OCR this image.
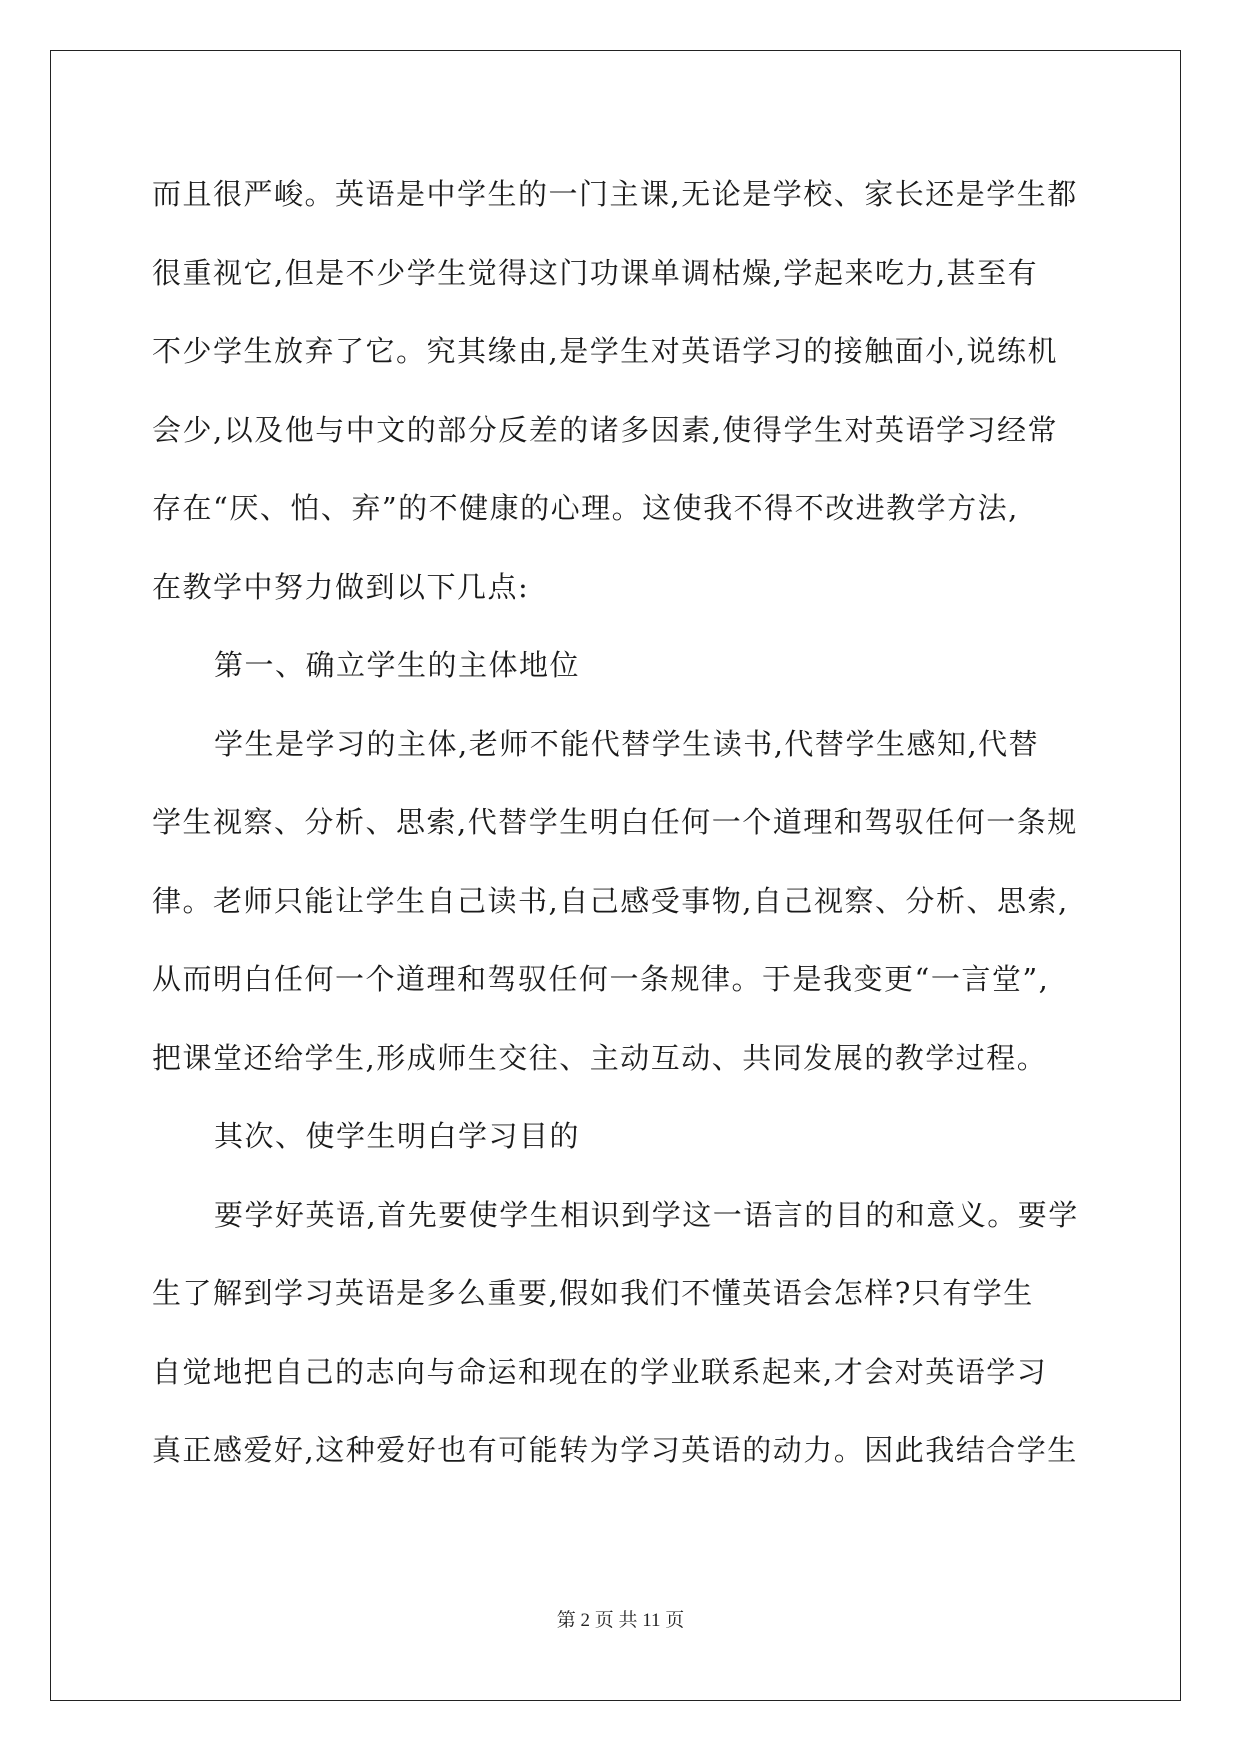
而且很严峻。英语是中学生的一门主课,无论是学校、家长还是学生都
很重视它,但是不少学生觉得这门功课单调枯燥,学起来吃力,甚至有
不少学生放弃了它。究其缘由,是学生对英语学习的接触面小,说练机
会少,以及他与中文的部分反差的诸多因素,使得学生对英语学习经常
存在“厌、怕、弃”的不健康的心理。这使我不得不改进教学方法,
在教学中努力做到以下几点:
第一、确立学生的主体地位
学生是学习的主体,老师不能代替学生读书,代替学生感知,代替
学生视察、分析、思索,代替学生明白任何一个道理和驾驭任何一条规
律。老师只能让学生自己读书,自己感受事物,自己视察、分析、思索,
从而明白任何一个道理和驾驭任何一条规律。于是我变更“一言堂”,
把课堂还给学生,形成师生交往、主动互动、共同发展的教学过程。
其次、使学生明白学习目的
要学好英语,首先要使学生相识到学这一语言的目的和意义。要学
生了解到学习英语是多么重要,假如我们不懂英语会怎样?只有学生
自觉地把自己的志向与命运和现在的学业联系起来,才会对英语学习
真正感爱好,这种爱好也有可能转为学习英语的动力。因此我结合学生
第 2 页 共 11 页
